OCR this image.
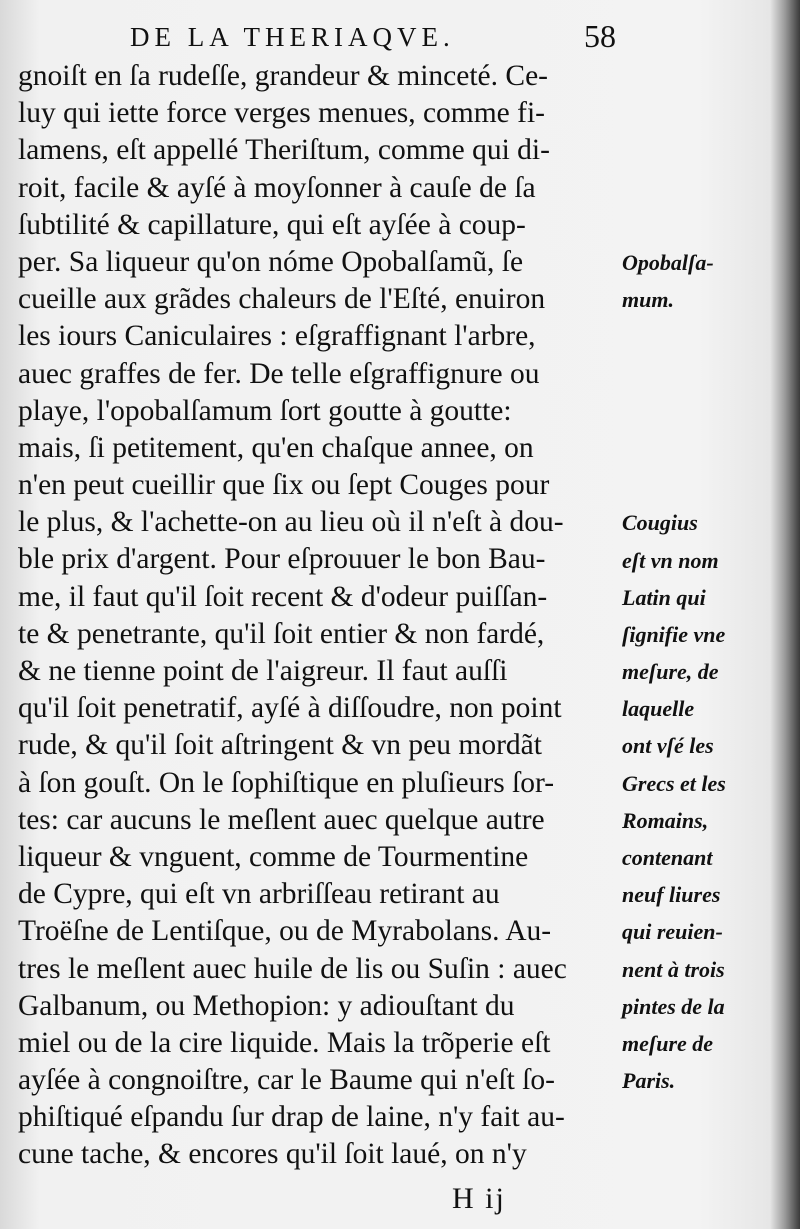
DE LA THERIAQVE.	58
gnoiſt en ſa rudeſſe, grandeur & minceté. Ce-
luy qui iette force verges menues, comme fi-
lamens, eſt appellé Theriſtum, comme qui di-
roit, facile & ayſé à moyſonner à cauſe de ſa
ſubtilité & capillature, qui eſt ayſée à coup-
per. Sa liqueur qu'on nóme Opobalſamũ, ſe
cueille aux grãdes chaleurs de l'Eſté, enuiron
les iours Caniculaires : eſgraffignant l'arbre,
auec graffes de fer. De telle eſgraffignure ou
playe, l'opobalſamum ſort goutte à goutte:
mais, ſi petitement, qu'en chaſque annee, on
n'en peut cueillir que ſix ou ſept Couges pour
le plus, & l'achette-on au lieu où il n'eſt à dou-
ble prix d'argent. Pour eſprouuer le bon Bau-
me, il faut qu'il ſoit recent & d'odeur puiſſan-
te & penetrante, qu'il ſoit entier & non fardé,
& ne tienne point de l'aigreur. Il faut auſſi
qu'il ſoit penetratif, ayſé à diſſoudre, non point
rude, & qu'il ſoit aſtringent & vn peu mordãt
à ſon gouſt. On le ſophiſtique en pluſieurs ſor-
tes: car aucuns le meſlent auec quelque autre
liqueur & vnguent, comme de Tourmentine
de Cypre, qui eſt vn arbriſſeau retirant au
Troëſne de Lentiſque, ou de Myrabolans. Au-
tres le meſlent auec huile de lis ou Suſin : auec
Galbanum, ou Methopion: y adiouſtant du
miel ou de la cire liquide. Mais la trõperie eſt
ayſée à congnoiſtre, car le Baume qui n'eſt ſo-
phiſtiqué eſpandu ſur drap de laine, n'y fait au-
cune tache, & encores qu'il ſoit laué, on n'y
Opobalſa-
mum.
Cougius
eſt vn nom
Latin qui
ſignifie vne
meſure, de
laquelle
ont vſé les
Grecs et les
Romains,
contenant
neuf liures
qui reuien-
nent à trois
pintes de la
meſure de
Paris.
H ij
